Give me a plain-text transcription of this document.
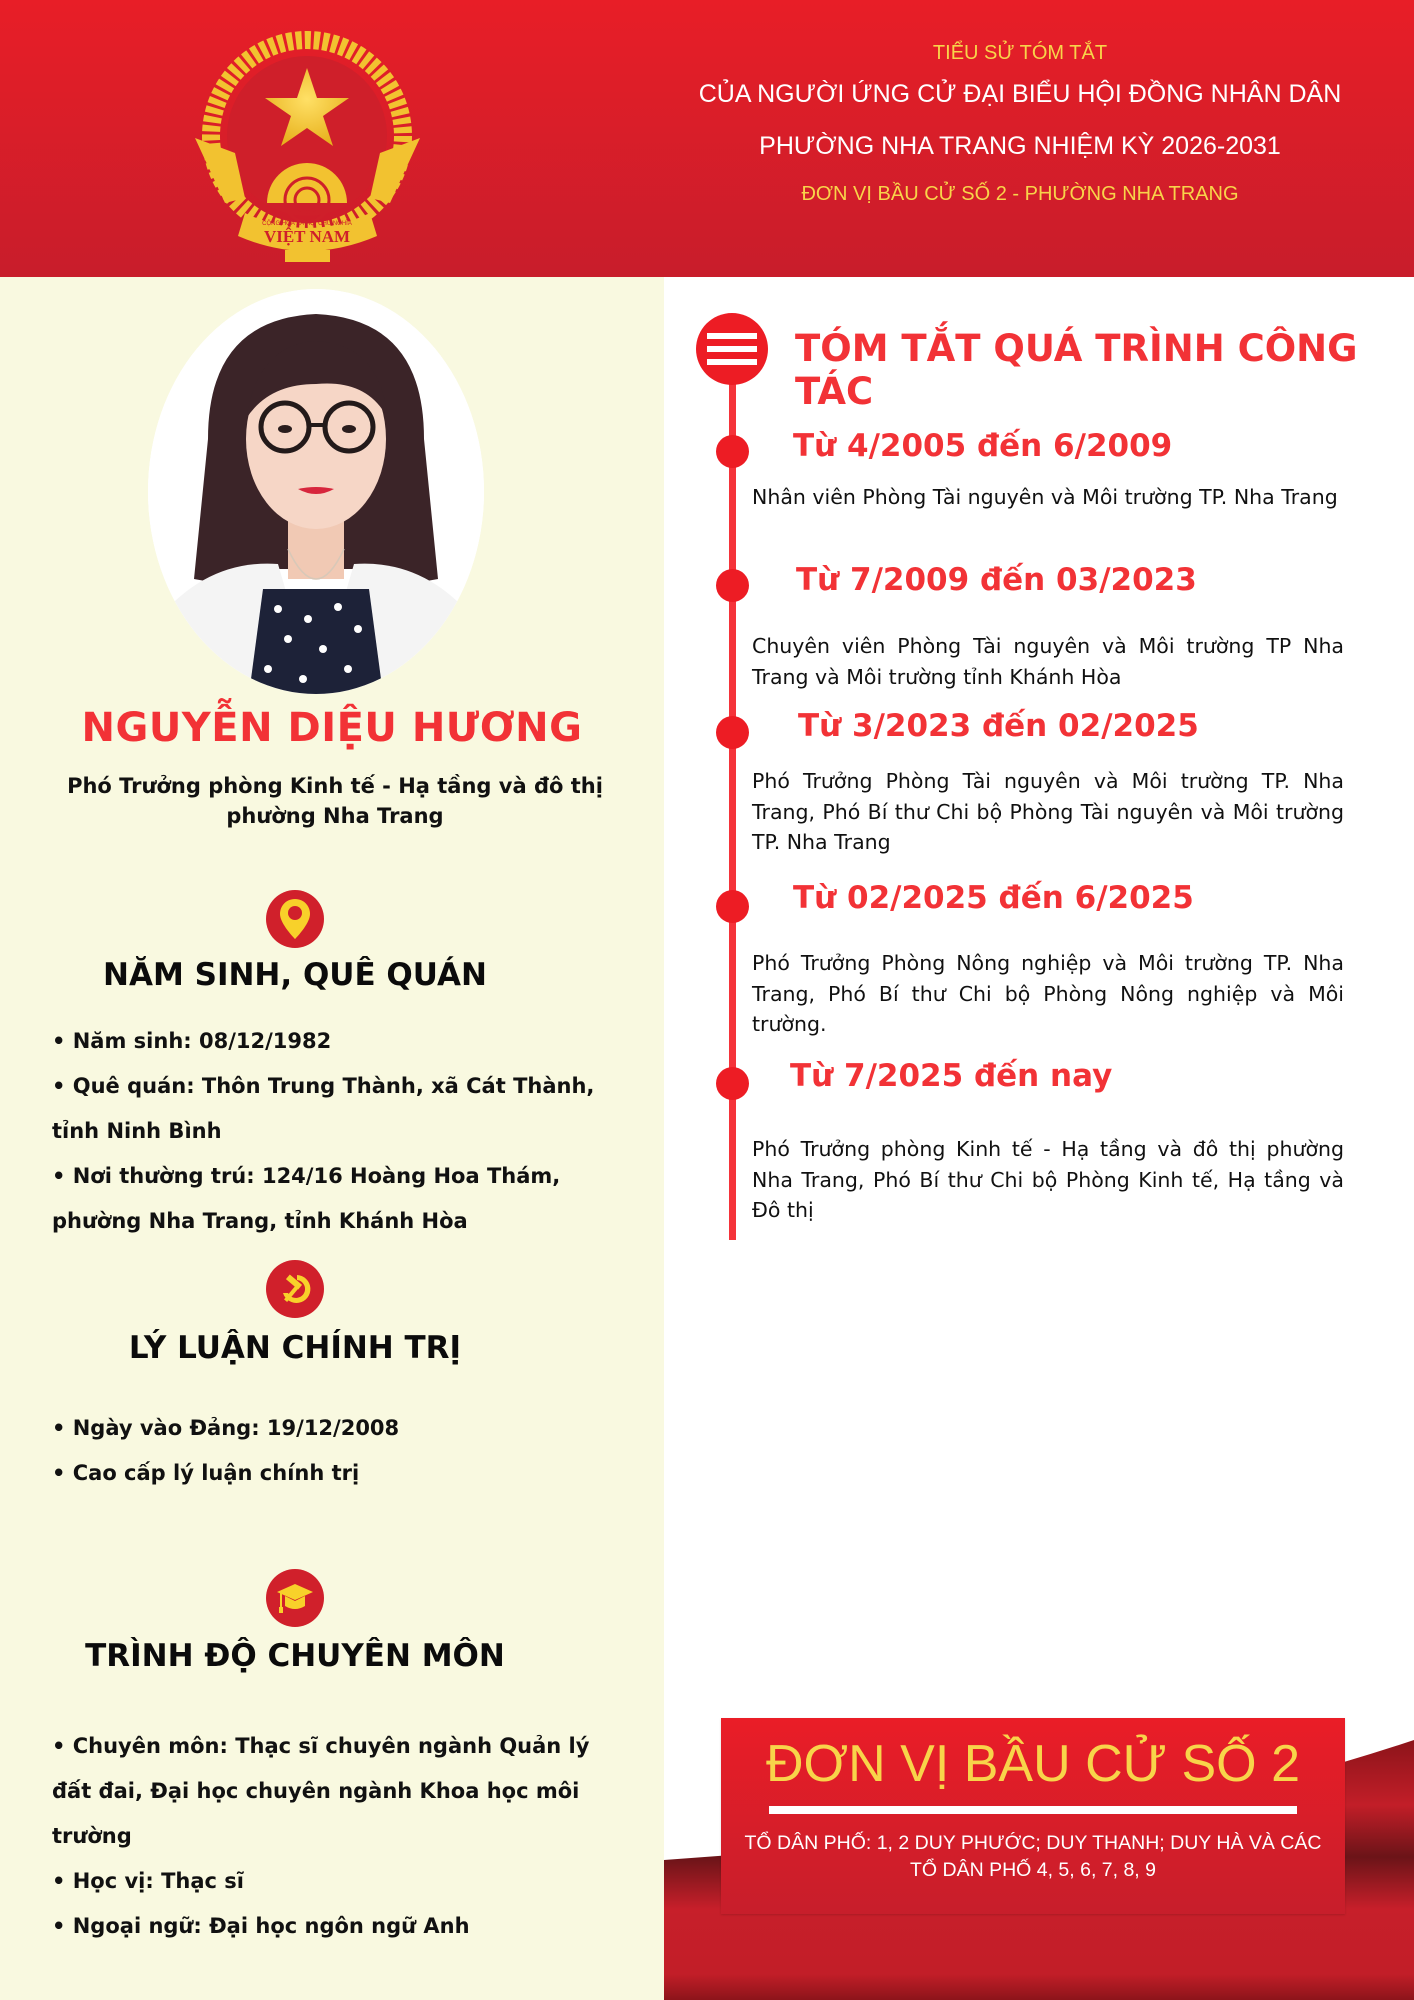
VIỆT NAM
CỘNG HÒA XÃ HỘI CHỦ NGHĨA
TIỂU SỬ TÓM TẮT
CỦA NGƯỜI ỨNG CỬ ĐẠI BIỂU HỘI ĐỒNG NHÂN DÂN
PHƯỜNG NHA TRANG NHIỆM KỲ 2026-2031
ĐƠN VỊ BẦU CỬ SỐ 2 - PHƯỜNG NHA TRANG
NGUYỄN DIỆU HƯƠNG
Phó Trưởng phòng Kinh tế - Hạ tầng và đô thị phường Nha Trang
NĂM SINH, QUÊ QUÁN
• Năm sinh: 08/12/1982
• Quê quán: Thôn Trung Thành, xã Cát Thành, tỉnh Ninh Bình
• Nơi thường trú: 124/16 Hoàng Hoa Thám, phường Nha Trang, tỉnh Khánh Hòa
LÝ LUẬN CHÍNH TRỊ
• Ngày vào Đảng: 19/12/2008
• Cao cấp lý luận chính trị
TRÌNH ĐỘ CHUYÊN MÔN
• Chuyên môn: Thạc sĩ chuyên ngành Quản lý đất đai, Đại học chuyên ngành Khoa học môi trường
• Học vị: Thạc sĩ
• Ngoại ngữ: Đại học ngôn ngữ Anh
TÓM TẮT QUÁ TRÌNH CÔNG TÁC
Từ 4/2005 đến 6/2009
Nhân viên Phòng Tài nguyên và Môi trường TP. Nha Trang
Từ 7/2009 đến 03/2023
Chuyên viên Phòng Tài nguyên và Môi trường TP Nha Trang và Môi trường tỉnh Khánh Hòa
Từ 3/2023 đến 02/2025
Phó Trưởng Phòng Tài nguyên và Môi trường TP. Nha Trang, Phó Bí thư Chi bộ Phòng Tài nguyên và Môi trường TP. Nha Trang
Từ 02/2025 đến 6/2025
Phó Trưởng Phòng Nông nghiệp và Môi trường TP. Nha Trang, Phó Bí thư Chi bộ Phòng Nông nghiệp và Môi trường.
Từ 7/2025 đến nay
Phó Trưởng phòng Kinh tế - Hạ tầng và đô thị phường Nha Trang, Phó Bí thư Chi bộ Phòng Kinh tế, Hạ tầng và Đô thị
ĐƠN VỊ BẦU CỬ SỐ 2
TỔ DÂN PHỐ: 1, 2 DUY PHƯỚC; DUY THANH; DUY HÀ VÀ CÁC TỔ DÂN PHỐ 4, 5, 6, 7, 8, 9
